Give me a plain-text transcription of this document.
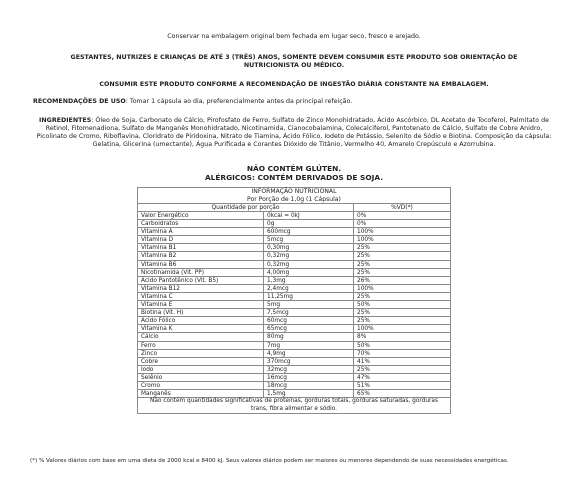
Conservar na embalagem original bem fechada em lugar seco, fresco e arejado.

GESTANTES, NUTRIZES E CRIANÇAS DE ATÉ 3 (TRÊS) ANOS, SOMENTE DEVEM CONSUMIR ESTE PRODUTO SOB ORIENTAÇÃO DE NUTRICIONISTA OU MÉDICO.

CONSUMIR ESTE PRODUTO CONFORME A RECOMENDAÇÃO DE INGESTÃO DIÁRIA CONSTANTE NA EMBALAGEM.

RECOMENDAÇÕES DE USO: Tomar 1 cápsula ao dia, preferencialmente antes da principal refeição.

INGREDIENTES: Óleo de Soja, Carbonato de Cálcio, Pirofosfato de Ferro, Sulfato de Zinco Monohidratado, Ácido Ascórbico, DL Acetato de Tocoferol, Palmitato de Retinol, Fitomenadiona, Sulfato de Manganês Monohidratado, Nicotinamida, Cianocobalamina, Colecalciferol, Pantotenato de Cálcio, Sulfato de Cobre Anidro, Picolinato de Cromo, Riboflavina, Cloridrato de Piridoxina, Nitrato de Tiamina, Ácido Fólico, Iodeto de Potássio, Selenito de Sódio e Biotina. Composição da cápsula: Gelatina, Glicerina (umectante), Água Purificada e Corantes Dióxido de Titânio, Vermelho 40, Amarelo Crepúsculo e Azorrubina.

NÃO CONTÉM GLÚTEN.

ALÉRGICOS: CONTÉM DERIVADOS DE SOJA.

INFORMAÇÃO NUTRICIONAL
Por Porção de 1,0g (1 Cápsula)
Quantidade por porção	%VD(*)
Valor Energético	0kcal = 0kJ	0%
Carboidratos	0g	0%
Vitamina A	600mcg	100%
Vitamina D	5mcg	100%
Vitamina B1	0,30mg	25%
Vitamina B2	0,32mg	25%
Vitamina B6	0,32mg	25%
Nicotinamida (Vit. PP)	4,00mg	25%
Ácido Pantotênico (Vit. B5)	1,3mg	26%
Vitamina B12	2,4mcg	100%
Vitamina C	11,25mg	25%
Vitamina E	5mg	50%
Biotina (Vit. H)	7,5mcg	25%
Ácido Fólico	60mcg	25%
Vitamina K	65mcg	100%
Cálcio	80mg	8%
Ferro	7mg	50%
Zinco	4,9mg	70%
Cobre	370mcg	41%
Iodo	32mcg	25%
Selênio	16mcg	47%
Cromo	18mcg	51%
Manganês	1,5mg	65%
Não contém quantidades significativas de proteínas, gorduras totais, gorduras saturadas, gorduras trans, fibra alimentar e sódio.

(*) % Valores diários com base em uma dieta de 2000 kcal e 8400 kJ. Seus valores diários podem ser maiores ou menores dependendo de suas necessidades energéticas.
